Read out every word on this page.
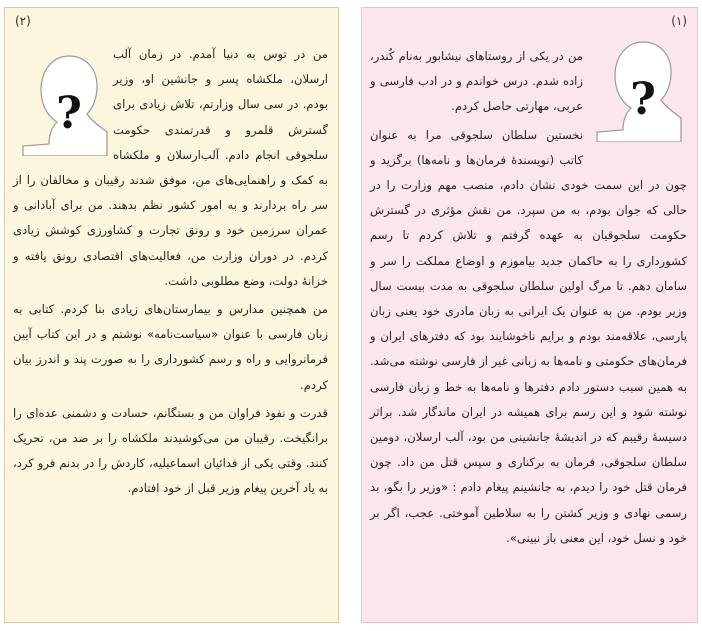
(۲)
?

من در توس به دنیا آمدم. در زمان آلب ارسلان، ملکشاه پسر و جانشین او، وزیر بودم. در سی سال وزارتم، تلاش زیادی برای گسترش قلمرو و قدرتمندی حکومت سلجوقی انجام دادم. آلب‌ارسلان و ملکشاه به کمک و راهنمایی‌های من، موفق شدند رقیبان و مخالفان را از سر راه بردارند و به امور کشور نظم بدهند. من برای آبادانی و عمران سرزمین خود و رونق تجارت و کشاورزی کوشش زیادی کردم. در دوران وزارت من، فعالیت‌های اقتصادی رونق یافته و خزانهٔ دولت، وضع مطلوبی داشت.

من همچنین مدارس و بیمارستان‌های زیادی بنا کردم. کتابی به زبان فارسی با عنوان «سیاست‌نامه» نوشتم و در این کتاب آیین فرمانروایی و راه و رسم کشورداری را به صورت پند و اندرز بیان کردم.

قدرت و نفوذ فراوان من و بستگانم، حسادت و دشمنی عده‌ای را برانگیخت. رقیبان من می‌کوشیدند ملکشاه را بر ضد من، تحریک کنند. وقتی یکی از فدائیان اسماعیلیه، کاردش را در بدنم فرو کرد، به یاد آخرین پیغام وزیر قبل از خود افتادم.

(۱)
?

من در یکی از روستاهای نیشابور به‌نام کُندر، زاده شدم. درس خواندم و در ادب فارسی و عربی، مهارتی حاصل کردم.

نخستین سلطان سلجوقی مرا به عنوان کاتب (نویسندهٔ فرمان‌ها و نامه‌ها) برگزید و چون در این سمت خودی نشان دادم، منصب مهم وزارت را در حالی که جوان بودم، به من سپرد. من نقش مؤثری در گسترش حکومت سلجوقیان به عهده گرفتم و تلاش کردم تا رسم کشورداری را به حاکمان جدید بیاموزم و اوضاع مملکت را سر و سامان دهم. تا مرگ اولین سلطان سلجوقی به مدت بیست سال وزیر بودم. من به عنوان یک ایرانی به زبان مادری خود یعنی زبان پارسی، علاقه‌مند بودم و برایم ناخوشایند بود که دفترهای ایران و فرمان‌های حکومتی و نامه‌ها به زبانی غیر از فارسی نوشته می‌شد. به همین سبب دستور دادم دفترها و نامه‌ها به خط و زبان فارسی نوشته شود و این رسم برای همیشه در ایران ماندگار شد. براثر دسیسهٔ رقیبم که در اندیشهٔ جانشینی من بود، آلب ارسلان، دومین سلطان سلجوقی، فرمان به برکناری و سپس قتل من داد. چون فرمان قتل خود را دیدم، به جانشینم پیغام دادم : «وزیر را بگو، بد رسمی نهادی و وزیر کشتن را به سلاطین آموختی. عجب، اگر بر خود و نسل خود، این معنی باز نبینی».
